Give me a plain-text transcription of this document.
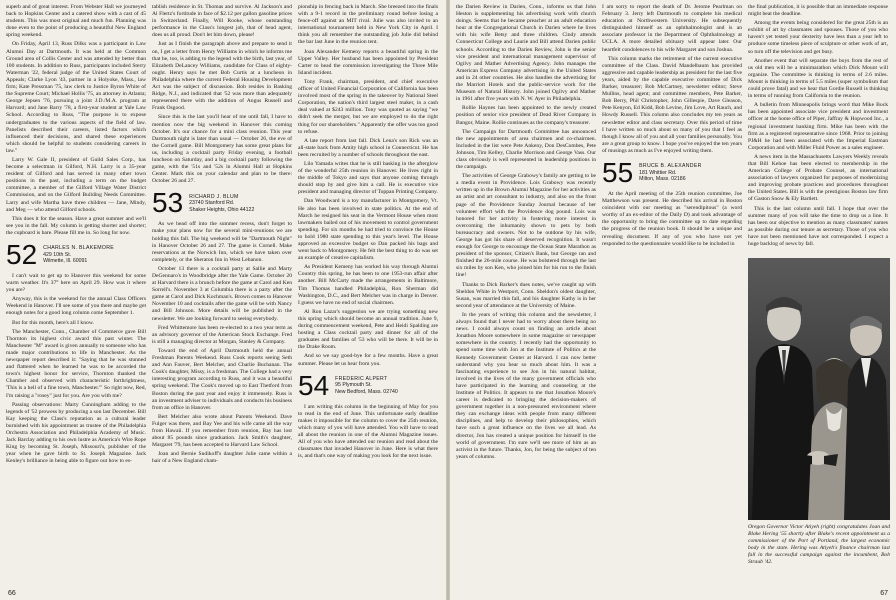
superb and of great interest. From Webster Hall we journeyed back to Hopkins Center and a catered show with a cast of 45 students. This was most original and much fun. Planning was done even to the point of producing a beautiful New England spring weekend.

On Friday, April 13, Russ Dilks was a participant in Law Alumni Day at Dartmouth. It was held at the Common Ground area of Collis Center and was attended by better than 100 students. In addition to Russ, participants included Sterry Waterman '22, federal judge of the United States Court of Appeals; Clarke Lyon '43, partner in a Holyoke, Mass., law firm; Kate Pressman '75, law clerk to Justice Byron White of the Supreme Court; Michael Hollis '75, an attorney in Atlanta; George Jepsen '76, pursuing a joint J.D./M.A. program at Harvard; and Jane Barry '78, a first-year student at Yale Law School. According to Russ, "The purpose is to expose undergraduates to the various aspects of the field of law. Panelists described their careers, listed factors which influenced their decisions, and shared these experiences which should be helpful to students considering careers in law."

Larry W. Gale II, president of Guild Sales Corp., has become a selectman in Gilford, N.H. Larry is a 35-year resident of Gilford and has served in many other town positions in the past, including a term on the budget committee, a member of the Gilford Village Water District Commission, and on the Gilford Building Needs Committee. Larry and wife Martha have three children — Jane, Mindy, and Meg — who attend Gilford schools.

This does it for the season. Have a great summer and we'll see you in the fall. My column is getting shorter and shorter; the cupboard is bare. Please fill me in. So long for now.

52 CHARLES N. BLAKEMORE
429 10th St.
Wilmette, Ill. 60091

I can't wait to get up to Hanover this weekend for some warm weather. It's 37° here on April 29. How was it where you are?

Anyway, this is the weekend for the annual Class Officers Weekend in Hanover. I'll see some of you there and maybe get enough notes for a good long column come September 1.

But for this month, here's all I know.

The Manchester, Conn., Chamber of Commerce gave Bill Thornton its highest civic award this past winter. The Manchester "M" award is given annually to someone who has made major contributions to life in Manchester. As the newspaper report described it: "Saying that he was stunned and flattered when he learned he was to be accorded the town's highest honor for service, Thornton thanked the Chamber and observed with characteristic forthrightness, 'This is a hell of a fine town, Manchester.'" So right now, Red, I'm raising a "rosey" just for you. Are you with me?

Passing observations: Marty Cunningham adding to the legends of '52 prowess by producing a son last December. Bill Kay keeping the Class's reputation as a cultural leader burnished with his appointment as trustee of the Philadelphia Orchestra Association and Philadelphia Academy of Music. Jack Barclay adding to his own lustre as America's Wire Rope King by becoming St. Joseph, Missouri's, publisher of the year when he gave birth to St. Joseph Magazine. Jack Kenley's brilliance in being able to figure out how to es-

tablish residence in St. Thomas and survive. Al Jackson's and Al Flertz's fortitude in face of $2.12 per gallon gasoline prices in Switzerland. Finally, Will Rooke, whose outstanding performance in the Class's longest job, that of head agent, does us all proud. Don't let him down, please!

Just as I finish the paragraph above and prepare to send it on, I get a letter from Henry Williams in which he informs me that he, too, is adding to the legend with the birth, last year, of Elizabeth DeLancey Williams, candidate for Class of eighty-ought. Henry says he met Bob Curtis at a luncheon in Philadelphia where the current Federal Housing Development Act was the subject of discussion. Bob resides in Basking Ridge, N.J., and indicated that '52 was more than adequately represented there with the addition of Angus Russell and Frank Osgood.

Since this is the last you'll hear of me until fall, I have to mention now the big weekend in Hanover this coming October. It's our chance for a mini class reunion. This year Dartmouth night is later than usual — October 26, the eve of the Cornell game. Bill Montgomery has some great plans for us, including a cocktail party Friday evening, a football luncheon on Saturday, and a big cocktail party following the game, with the '51s and '52s in Alumni Hall at Hopkins Center. Mark this on your calendar and plan to be there: October 26 and 27.

53 RICHARD J. BLUM
23740 Stanford Rd.
Shaker Heights, Ohio 44122

As we head off into the summer recess, don't forget to make your plans now for the several mini-reunions we are holding this fall. The big weekend will be "Dartmouth Night" in Hanover October 26 and 27. The game is Cornell. Make reservations at the Norwich Inn, which we have taken over completely, or the Sheraton Inn in West Lebanon.

October 13 there is a cocktail party at Sallie and Marty DeGennaro's in Woodbridge after the Yale Game. October 20 at Harvard there is a brunch before the game at Carol and Ken Sorrell's. November 3 at Columbia there is a party after the game at Carol and Dick Kochman's. Brown comes to Hanover November 10 and cocktails after the game will be with Nancy and Bill Johnson. More details will be published in the newsletter. We are looking forward to seeing everybody.

Fred Whittemore has been re-elected to a two year term as an advisory governor of the American Stock Exchange. Fred is still a managing director at Morgan, Stanley & Company.

Toward the end of April Dartmouth held the annual Freshman Parents Weekend. Russ Cook reports seeing Seth and Ann Fauver, Bert Melcher, and Charlie Buchanan. The Cook's daughter, Missy, is a freshman. The College had a very interesting program according to Russ, and it was a beautiful spring weekend. The Cook's moved up to East Thetford from Boston during the past year and enjoy it immensely. Russ is an investment adviser to individuals and conducts his business from an office in Hanover.

Bert Melcher also wrote about Parents Weekend. Dave Fulger was there, and Bay Yee and his wife came all the way from Hawaii. If you remember from reunion, Bay has lost about 85 pounds since graduation. Jack Smith's daughter, Margaret '79, has been accepted to Harvard Law School.

Joan and Bernie Sudikoff's daughter Julie came within a hair of a New England cham-

pionship in fencing back in March. She breezed into the finals with a 9-1 record in the preliminary round before losing a fence-off against an MIT rival. Julie was also invited to an international tournament held in New York City in April. I think you all remember the outstanding job Julie did behind the bar last June in the reunion tent.

Joan Alexander Kemeny reports a beautiful spring in the Upper Valley. Her husband has been appointed by President Carter to head the commission investigating the Three Mile Island incident.

Tony Frank, chairman, president, and chief executive officer of United Financial Corporation of California has been involved most of the spring in the takeover by National Steel Corporation, the nation's third largest steel maker, in a cash deal valued at $243 million. Tony was quoted as saying "we didn't seek the merger, but we are employed to do the right thing for our shareholders." Apparently the offer was too good to refuse.

A late report from last fall. Dick Lena's son Rick was an all-state back from Amity high school in Connecticut. He has been recruited by a number of schools throughout the east.

Lilo Yamada writes that he is still basking in the afterglow of the wonderful 25th reunion in Hanover. He lives right in the middle of Tokyo and says that anyone coming through should stop by and give him a call. He is executive vice president and managing director of Toppan Printing Company.

Dan Woodward is a toy manufacturer in Montgomery, Vt. He also has been involved in state politics. At the end of March he resigned his seat in the Vermont House when most lawmakers bailed out of his movement to control government spending. For six months he had tried to convince the House to hold 1980 state spending to this year's level. The House approved an excessive budget so Dan packed his bags and went back to Montgomery. He felt the best thing to do was set an example of creative capitalism.

As President Kemeny has worked his way through Alumni Country this spring, he has been to one 1953-run affair after another. Bill McCarty made the arrangements in Baltimore, Tim Thomas handled Philadelphia, Ron Sherman did Washington, D.C., and Bert Melcher was in charge in Denver. I guess we have no end of social chairmen.

Al Ron Lazar's suggestion we are trying something new this spring which should become an annual tradition. June 9, during commencement weekend, Pete and Heidi Spalding are hosting a Class cocktail party and dinner for all of the graduates and families of '53 who will be there. It will be in the Drake Room.

And so we say good-bye for a few months. Have a great summer. Please let us hear from you.

54 FREDERIC ALPERT
95 Plymouth St.
New Bedford, Mass. 02740

I am writing this column in the beginning of May for you to read in the end of June. This unfortunate early deadline makes it impossible for the column to cover the 25th reunion, which many of you will have attended. You will have to read all about the reunion in one of the Alumni Magazine issues. All of you who have attended our reunion and read about the classmates that invaded Hanover in June. Here is what there is, and that's one way of making you look for the next issue.

66

the Darien Review in Darien, Conn., informs us that John Heston is supplementing his advertising work with church doings. Seems that he became preacher at an adult education hour at the Congregational Church in Darien where he lives with his wife Betsy and three children. Cindy attends Connecticut College and Laurie and Bill attend Darien public schools. According to the Darien Review, John is the senior vice president and international management supervisor of Ogilvy and Mather Advertising Agency. John manages the American Express Company advertising in the United States and in 24 other countries. He also handles the advertising for the Marriott Hotels and the public-service work for the Museum of Natural History. John joined Ogilvy and Mather in 1961 after five years with N. W. Ayer in Philadelphia.

Rollie Haynes has been appointed to the newly created position of senior vice president of Dead River Company in Bangor, Maine. Rollie continues as the company's treasurer.

The Campaign for Dartmouth Committee has announced the new appointments of area chairmen and co-chairmen. Included in the list were Pete Ankeny, Don DesCombes, Pete Johnson, Tim Kelley, Charlie Morrison and George Vass. Our class obviously is well represented in leadership positions in the campaign.

The activities of George Grabowy's family are getting to be a media event in Providence. Lois Grabowy was recently written up in the Brown Alumni Magazine for her activities as an artist and art consultant to industry, and also on the front page of the Providence Sunday Journal because of her volunteer effort with the Providence dog pound. Lois was honored for her activity in fostering more interest in overcoming the inhumanity shown to pets by both bureaucracy and owners. Not to be outdone by his wife, George has got his share of deserved recognition. It wasn't enough for George to encourage the Ocean State Marathon as president of the sponsor, Citizen's Bank, but George ran and finished the 26-mile course. He was bolstered through the last six miles by son Ken, who joined him for his run to the finish line!

Thanks to Dick Barker's dues notes, we've caught up with Sheldon White in Westport, Conn. Sheldon's oldest daughter, Susan, was married this fall, and his daughter Kathy is in her second year of attendance at the University of Maine.

In the years of writing this column and the newsletter, I always found that I never had to worry about there being no news. I could always count on finding an article about Jonathon Moore somewhere in some magazine or newspaper somewhere in the country. I recently had the opportunity to spend some time with Jon at the Institute of Politics at the Kennedy Government Center at Harvard. I can now better understand why you hear so much about him. It was a fascinating experience to see Jon in his natural habitat, involved in the lives of the many government officials who have participated in the learning and counseling at the Institute of Politics. It appears to me that Jonathon Moore's career is dedicated to bringing the decision-makers of government together in a non-pressured environment where they can exchange ideas with people from many different disciplines, and help to develop their philosophies, which have such a great influence on the lives we all lead. As director, Jon has created a unique position for himself in the world of government. I'm sure we'll see more of him as an activist in the future. Thanks, Jon, for being the subject of ten years of columns.

I am sorry to report the death of Dr. Jerome Pearlman on February 3. Jerry left Dartmouth to complete his medical education at Northwestern University. He subsequently distinguished himself as an ophthalmologist and is an associate professor in the Department of Ophthalmology at UCLA. A more detailed obituary will appear later. Our heartfelt condolences to his wife Margaret and son Joshua.

This column marks the retirement of the current executive committee of the Class. David Mandelbaum has provided aggressive and capable leadership as president for the last five years, aided by the capable executive committee of Dick Barker, treasurer; Bob McCartney, newsletter editor; Steve Mullins, head agent; and committee members, Pete Barker, Bob Berry, Phil Christopher, John Gillespie, Dave Gleason, Pete Kenyon, Ed Kidd, Bob Levine, Jim Love, Art Rauch, and Howdy Russell. This column also concludes my ten years as newsletter editor and class secretary. Over this period of time I have written so much about so many of you that I feel as though I know all of you and all your families personally. You are a great group to know. I hope you've enjoyed the ten years of musings as much as I've enjoyed writing them.

55 BRUCE B. ALEXANDER
181 Whittier Rd.
Milton, Mass. 02186

At the April meeting of the 25th reunion committee, Joe Matthewson was present. He described his arrival in Boston coincident with our meeting as "serendipitous" (a word worthy of an ex-editor of the Daily D) and took advantage of the opportunity to bring the committee up to date regarding the progress of the reunion book. It should be a unique and revealing document. If any of you who have not yet responded to the questionnaire would like to be included in

the final publication, it is possible that an immediate response might beat the deadline.

Among the events being considered for the great 25th is an exhibit of art by classmates and spouses. Those of you who haven't yet tested your dexterity have less than a year left to produce some timeless piece of sculpture or other work of art, so turn off the television and get busy.

Another event that will separate the boys from the rest of us old men will be a minimarathon which Dick Mount will organize. The committee is thinking in terms of 2.6 miles. Mount is thinking in terms of 5.5 miles (super symbolism that could prove fatal) and we hear that Gordie Russell is thinking in terms of running from California to the reunion.

A bulletin from Minneapolis brings word that Mike Bock has been appointed associate vice president and investment officer at the home office of Piper, Jaffray & Hopwood Inc., a regional investment banking firm. Mike has been with the firm as a registered representative since 1968. Prior to joining PJ&H he had been associated with the Imperial Eastman Corporation and with Miller Fluid Power as a sales engineer.

A news item in the Massachusetts Lawyers Weekly reveals that Bill Kehoe has been elected to membership in the American College of Probate Counsel, an international association of lawyers organized for purposes of modernizing and improving probate practices and procedures throughout the United States. Bill is with the prestigious Boston law firm of Gaston Snow & Ely Bartlett.

This is the last column until fall. I hope that over the summer many of you will take the time to drop us a line. It has been our objective to mention as many classmates' names as possible during our tenure as secretary. Those of you who have not been mentioned have not corresponded. I expect a huge backlog of news by fall.

Oregon Governor Victor Atiyeh (right) congratulates Joan and Blake Hering '55 shortly after Blake's recent appointment as a commissioner of the Port of Portland, the largest economic body in the state. Hering was Atiyeh's finance chairman last fall in the successful campaign against the incumbent, Bob Straub '42.
67
